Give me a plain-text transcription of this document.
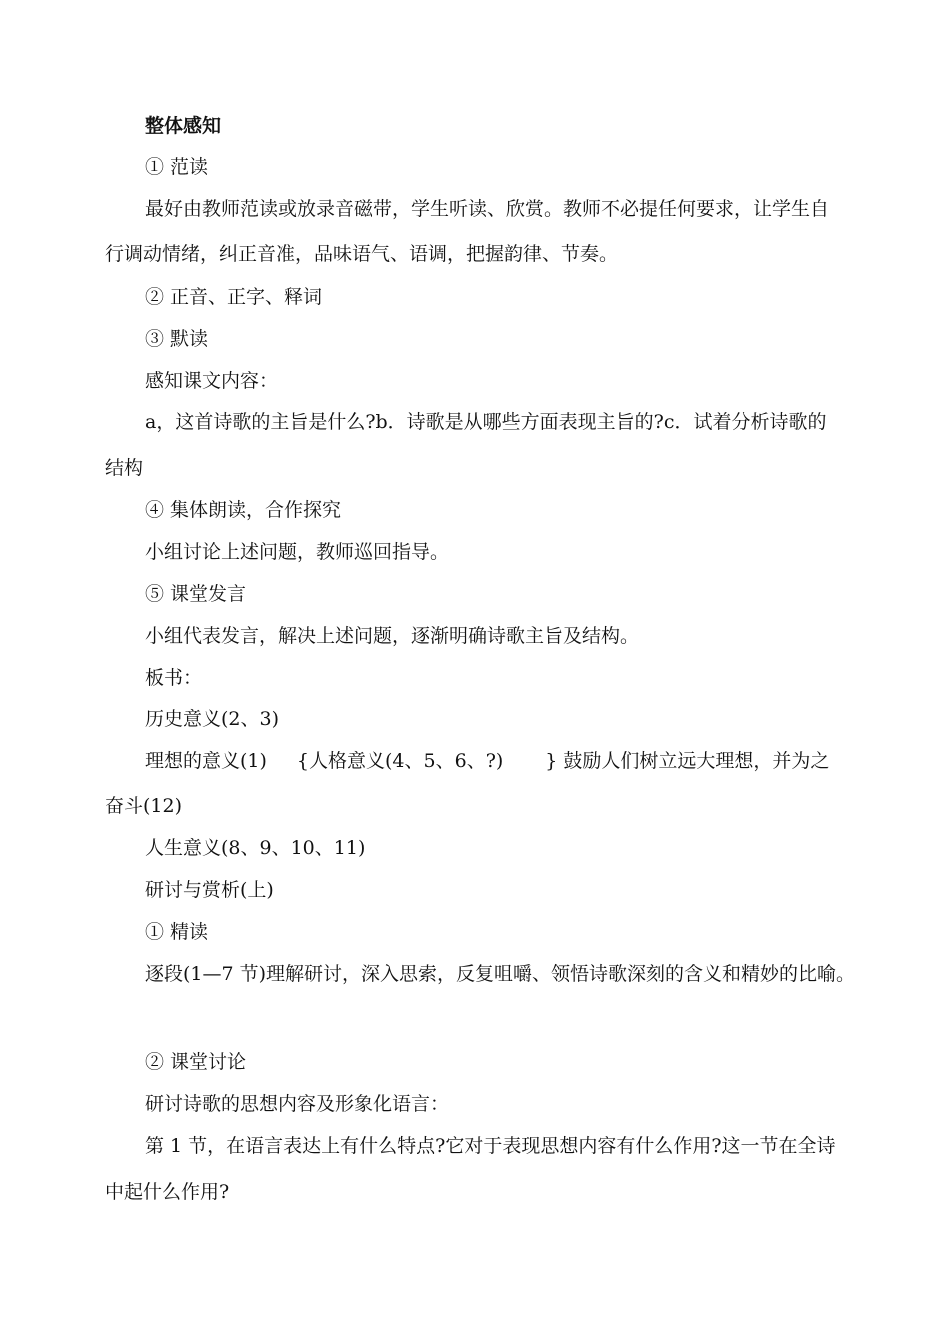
整体感知
① 范读
最好由教师范读或放录音磁带，学生听读、欣赏。教师不必提任何要求，让学生自
行调动情绪，纠正音准，品味语气、语调，把握韵律、节奏。
② 正音、正字、释词
③ 默读
感知课文内容：
a，这首诗歌的主旨是什么?b．诗歌是从哪些方面表现主旨的?c．试着分析诗歌的
结构
④ 集体朗读，合作探究
小组讨论上述问题，教师巡回指导。
⑤ 课堂发言
小组代表发言，解决上述问题，逐渐明确诗歌主旨及结构。
板书：
历史意义(2、3)
理想的意义(1) {人格意义(4、5、6、?) } 鼓励人们树立远大理想，并为之
奋斗(12)
人生意义(8、9、10、11)
研讨与赏析(上)
① 精读
逐段(1—7 节)理解研讨，深入思索，反复咀嚼、领悟诗歌深刻的含义和精妙的比喻。
② 课堂讨论
研讨诗歌的思想内容及形象化语言：
第 1 节，在语言表达上有什么特点?它对于表现思想内容有什么作用?这一节在全诗
中起什么作用?
